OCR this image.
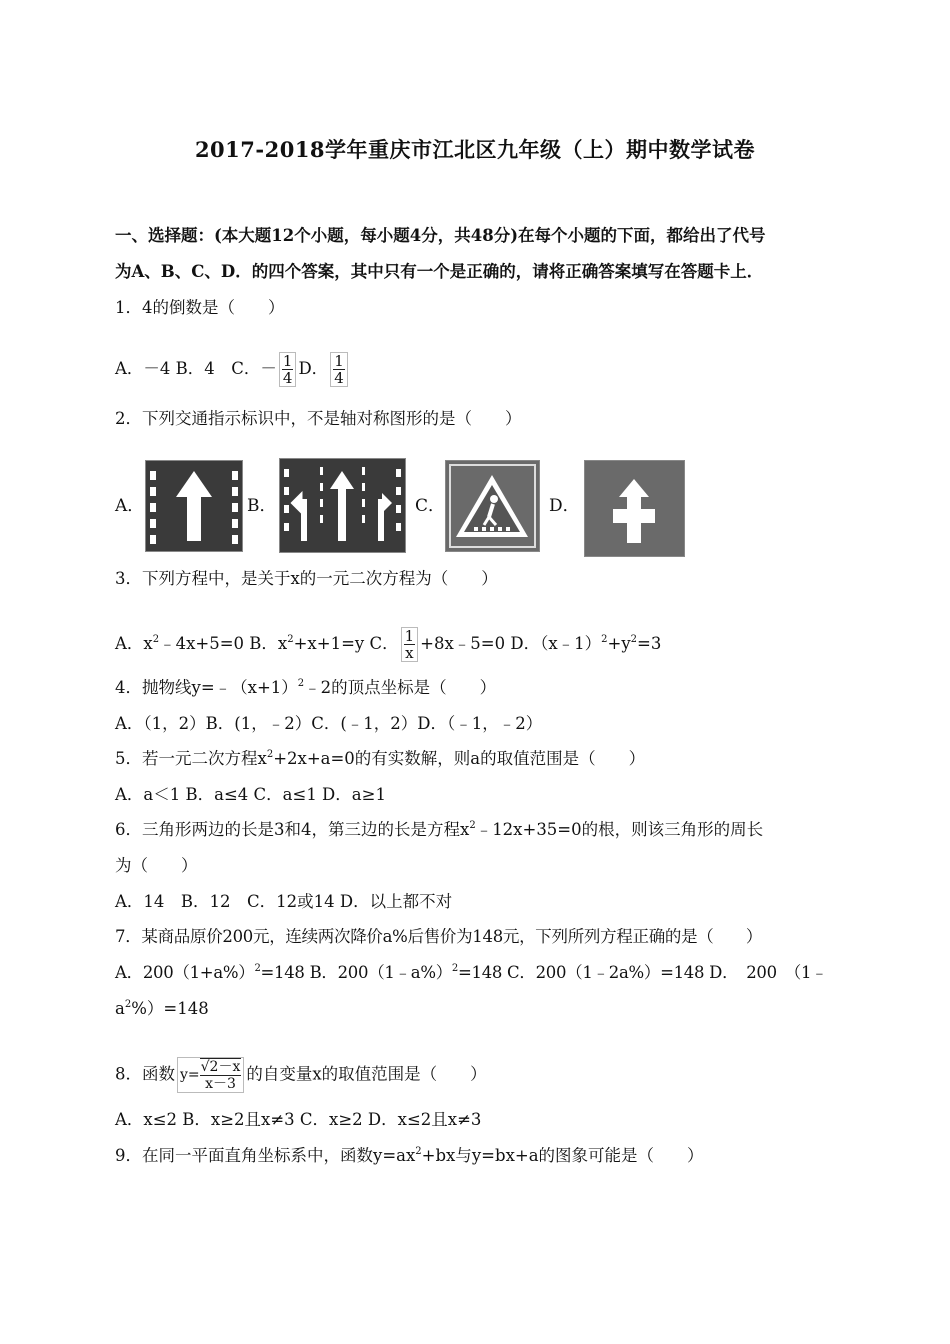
2017-2018学年重庆市江北区九年级（上）期中数学试卷
一、选择题：(本大题12个小题，每小题4分，共48分)在每个小题的下面，都给出了代号
为A、B、C、D．的四个答案，其中只有一个是正确的，请将正确答案填写在答题卡上．
1．4的倒数是（　　）
A．－4 B．4　C．－ $\frac{1}{4}$ D． $\frac{1}{4}$
2．下列交通指示标识中，不是轴对称图形的是（　　）
A．	B．	C．	D．
3．下列方程中，是关于x的一元二次方程为（　　）
A．$x^2﹣4x+5=0$ B．$x^2+x+1=y$ C． $\frac{1}{x}$ +8x﹣5=0 D．$(x﹣1)^2+y^2=3$
4．抛物线$y=﹣(x+1)^2﹣2$的顶点坐标是（　　）
A．（1，2）B．(1，﹣2）C．(﹣1，2）D．（﹣1，﹣2）
5．若一元二次方程$x^2+2x+a=0$的有实数解，则a的取值范围是（　　）
A．a＜1 B．a≤4 C．a≤1 D．a≥1
6．三角形两边的长是3和4，第三边的长是方程$x^2﹣12x+35=0$的根，则该三角形的周长
为（　　）
A．14　B．12　C．12或14 D．以上都不对
7．某商品原价200元，连续两次降价a%后售价为148元，下列所列方程正确的是（　　）
A．$200(1+a\%)^2=148$ B．200（1﹣a%）$^2$=148 C．200（1﹣2a%）=148 D．　200　（1﹣
$a^2\%)=148$
8．函数 $y= \frac{√2-x}{x-3}$ 的自变量x的取值范围是（　　）
A．x≤2 B．x≥2且x≠3 C．x≥2 D．x≤2且x≠3
9．在同一平面直角坐标系中，函数$y=ax^2+bx$与y=bx+a的图象可能是（　　）
